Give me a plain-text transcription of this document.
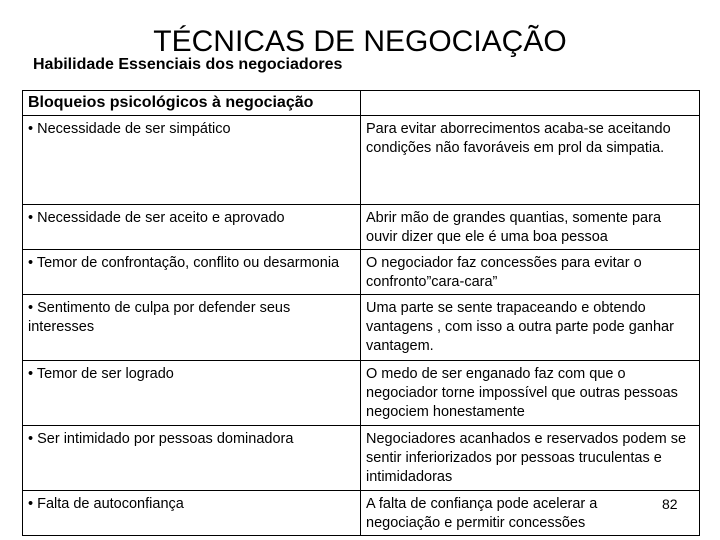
TÉCNICAS DE NEGOCIAÇÃO
Habilidade Essenciais dos negociadores
Bloqueios psicológicos à negociação	
• Necessidade de ser simpático	Para evitar aborrecimentos acaba-se aceitando condições não favoráveis em prol da simpatia.
• Necessidade de ser aceito e aprovado	Abrir mão de grandes quantias, somente para ouvir dizer que ele é uma boa pessoa
• Temor de confrontação, conflito ou desarmonia	O negociador faz concessões para evitar o confronto”cara-cara”
• Sentimento de culpa por defender seus interesses	Uma parte se sente trapaceando e obtendo vantagens , com isso a outra parte pode ganhar vantagem.
• Temor de ser logrado	O medo de ser enganado faz com que o negociador torne impossível que outras pessoas negociem honestamente
• Ser intimidado por pessoas dominadora	Negociadores acanhados e reservados podem se sentir inferiorizados por pessoas truculentas e intimidadoras
• Falta de autoconfiança	A falta de confiança pode acelerar a negociação e permitir concessões
82
